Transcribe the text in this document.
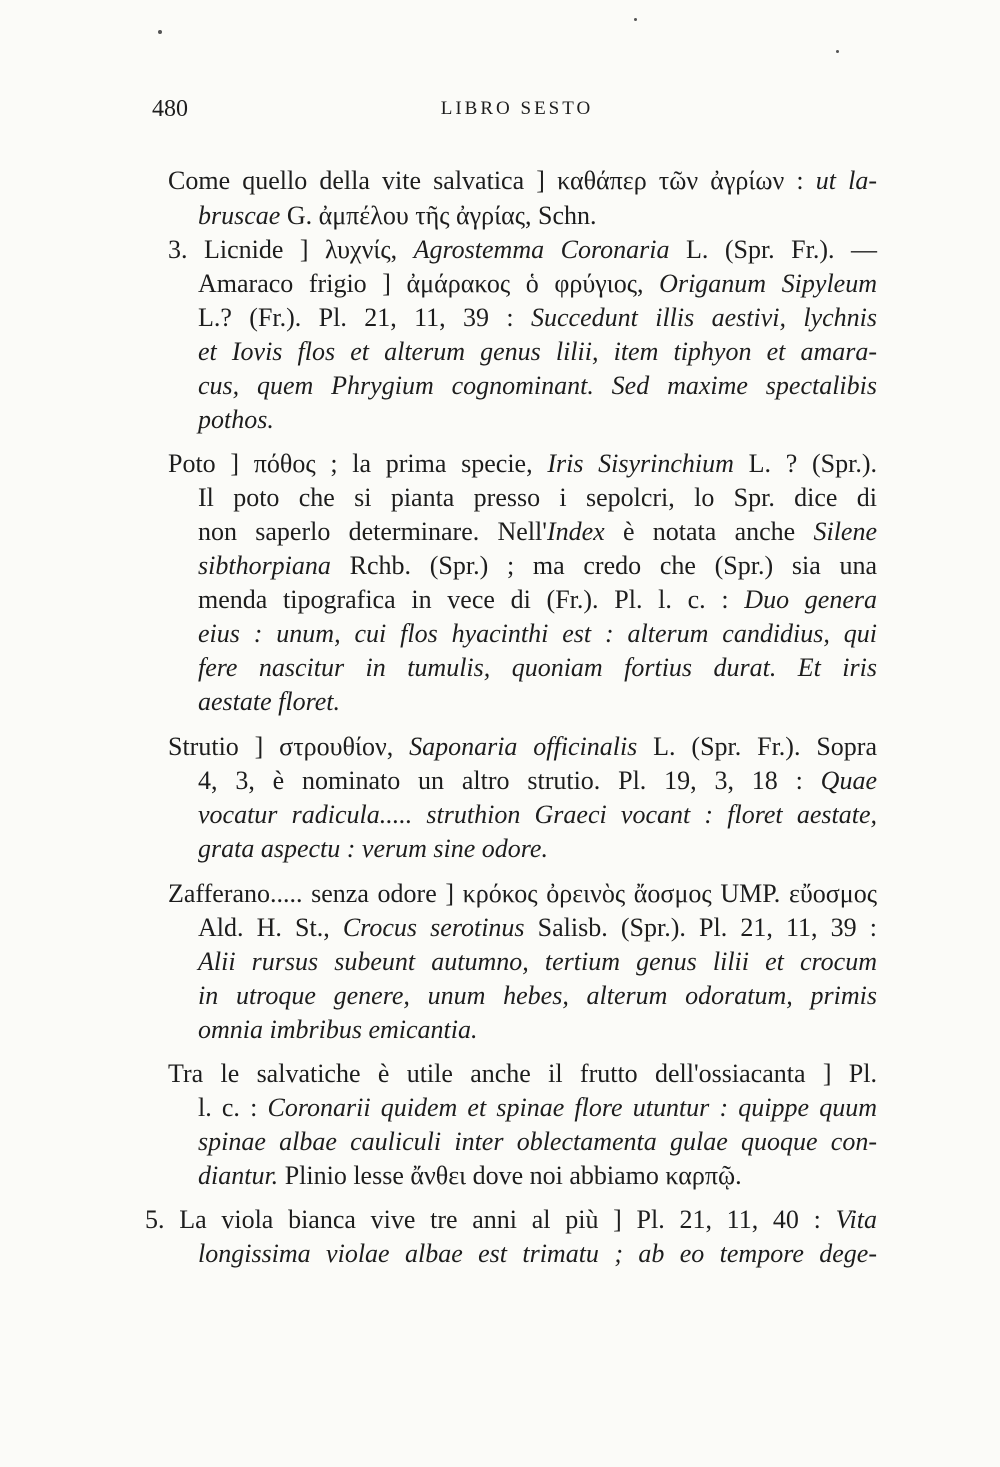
480	LIBRO SESTO
Come quello della vite salvatica ] καθάπερ τῶν ἀγρίων : ut la-
bruscae G. ἀμπέλου τῆς ἀγρίας, Schn.
3. Licnide ] λυχνίς, Agrostemma Coronaria L. (Spr. Fr.). —
Amaraco frigio ] ἀμάρακος ὁ φρύγιος, Origanum Sipyleum
L.? (Fr.). Pl. 21, 11, 39 : Succedunt illis aestivi, lychnis
et Iovis flos et alterum genus lilii, item tiphyon et amara-
cus, quem Phrygium cognominant. Sed maxime spectalibis
pothos.
Poto ] πόθος ; la prima specie, Iris Sisyrinchium L. ? (Spr.).
Il poto che si pianta presso i sepolcri, lo Spr. dice di
non saperlo determinare. Nell'Index è notata anche Silene
sibthorpiana Rchb. (Spr.) ; ma credo che (Spr.) sia una
menda tipografica in vece di (Fr.). Pl. l. c. : Duo genera
eius : unum, cui flos hyacinthi est : alterum candidius, qui
fere nascitur in tumulis, quoniam fortius durat. Et iris
aestate floret.
Strutio ] στρουθίον, Saponaria officinalis L. (Spr. Fr.). Sopra
4, 3, è nominato un altro strutio. Pl. 19, 3, 18 : Quae
vocatur radicula..... struthion Graeci vocant : floret aestate,
grata aspectu : verum sine odore.
Zafferano..... senza odore ] κρόκος ὀρεινὸς ἄοσμος UMP. εὔοσμος
Ald. H. St., Crocus serotinus Salisb. (Spr.). Pl. 21, 11, 39 :
Alii rursus subeunt autumno, tertium genus lilii et crocum
in utroque genere, unum hebes, alterum odoratum, primis
omnia imbribus emicantia.
Tra le salvatiche è utile anche il frutto dell'ossiacanta ] Pl.
l. c. : Coronarii quidem et spinae flore utuntur : quippe quum
spinae albae cauliculi inter oblectamenta gulae quoque con-
diantur. Plinio lesse ἄνθει dove noi abbiamo καρπῷ.
5. La viola bianca vive tre anni al più ] Pl. 21, 11, 40 : Vita
longissima violae albae est trimatu ; ab eo tempore dege-
